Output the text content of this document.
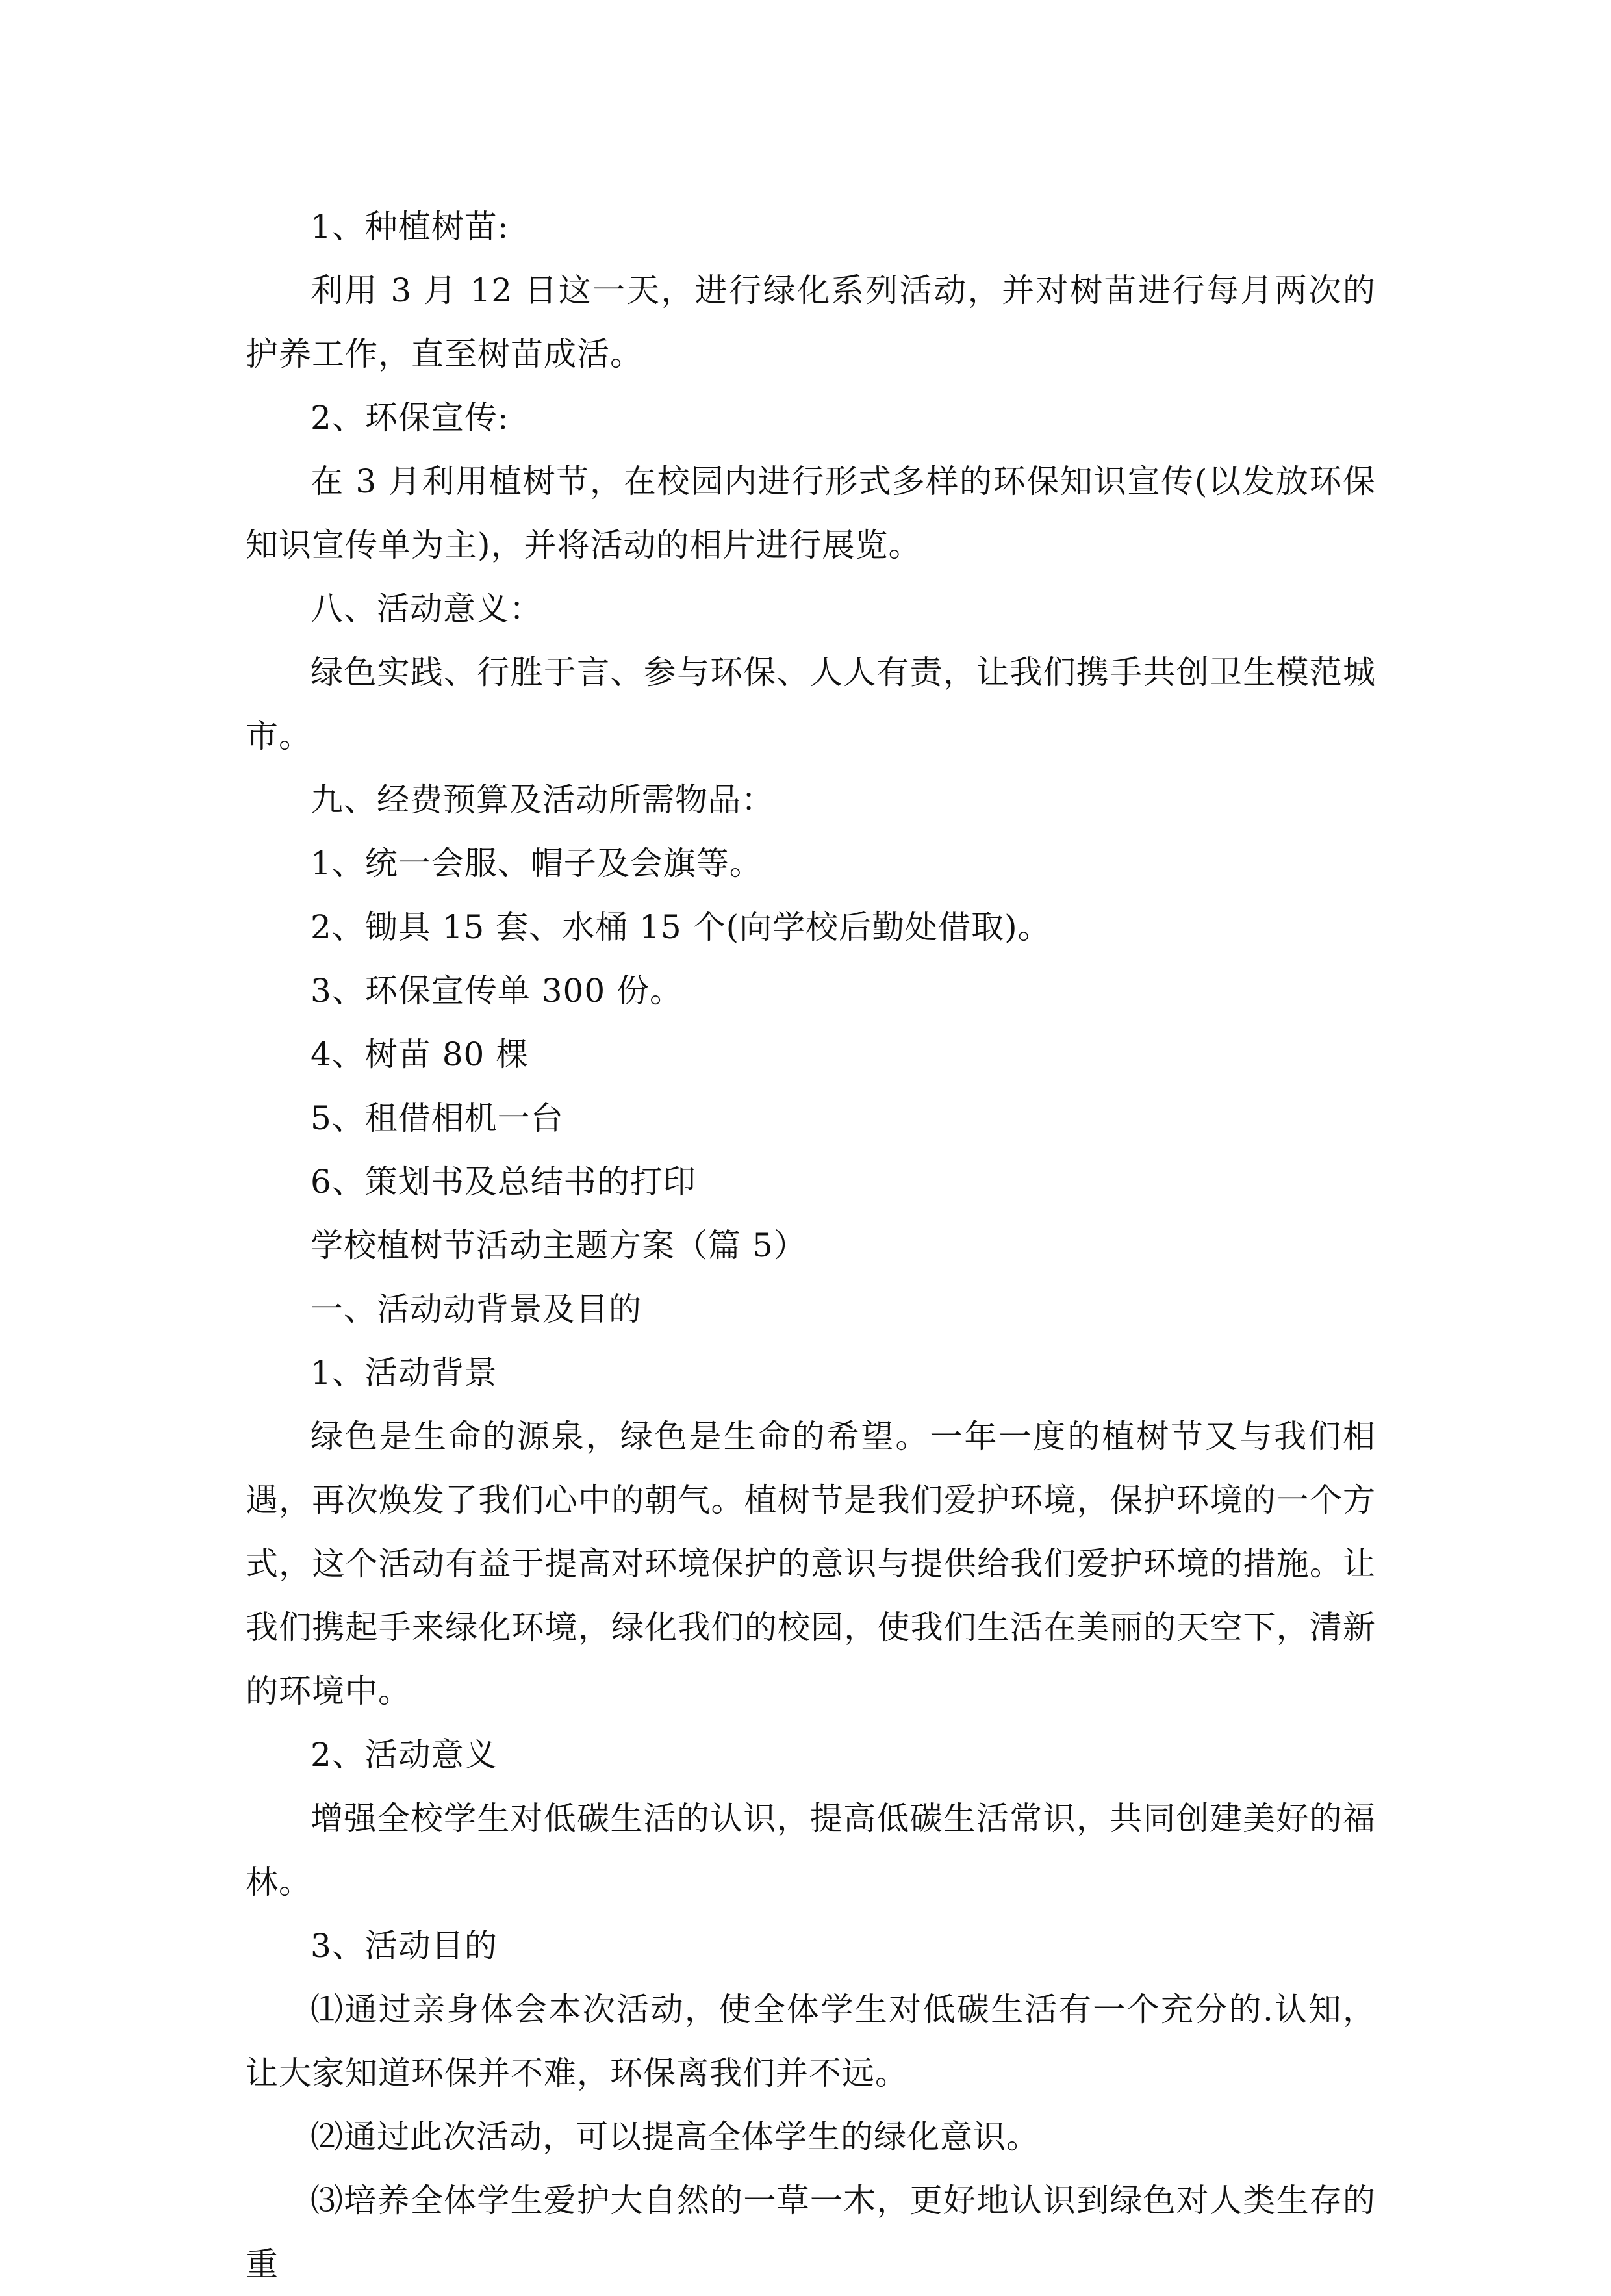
1、种植树苗:

利用 3 月 12 日这一天，进行绿化系列活动，并对树苗进行每月两次的护养工作，直至树苗成活。

2、环保宣传:

在 3 月利用植树节，在校园内进行形式多样的环保知识宣传(以发放环保知识宣传单为主)，并将活动的相片进行展览。

八、活动意义：

绿色实践、行胜于言、参与环保、人人有责，让我们携手共创卫生模范城市。

九、经费预算及活动所需物品：

1、统一会服、帽子及会旗等。

2、锄具 15 套、水桶 15 个(向学校后勤处借取)。

3、环保宣传单 300 份。

4、树苗 80 棵

5、租借相机一台

6、策划书及总结书的打印

学校植树节活动主题方案（篇 5）

一、活动动背景及目的

1、活动背景

绿色是生命的源泉，绿色是生命的希望。一年一度的植树节又与我们相遇，再次焕发了我们心中的朝气。植树节是我们爱护环境，保护环境的一个方式，这个活动有益于提高对环境保护的意识与提供给我们爱护环境的措施。让我们携起手来绿化环境，绿化我们的校园，使我们生活在美丽的天空下，清新的环境中。

2、活动意义

增强全校学生对低碳生活的认识，提高低碳生活常识，共同创建美好的福林。

3、活动目的

⑴通过亲身体会本次活动，使全体学生对低碳生活有一个充分的.认知，让大家知道环保并不难，环保离我们并不远。

⑵通过此次活动，可以提高全体学生的绿化意识。

⑶培养全体学生爱护大自然的一草一木，更好地认识到绿色对人类生存的重
